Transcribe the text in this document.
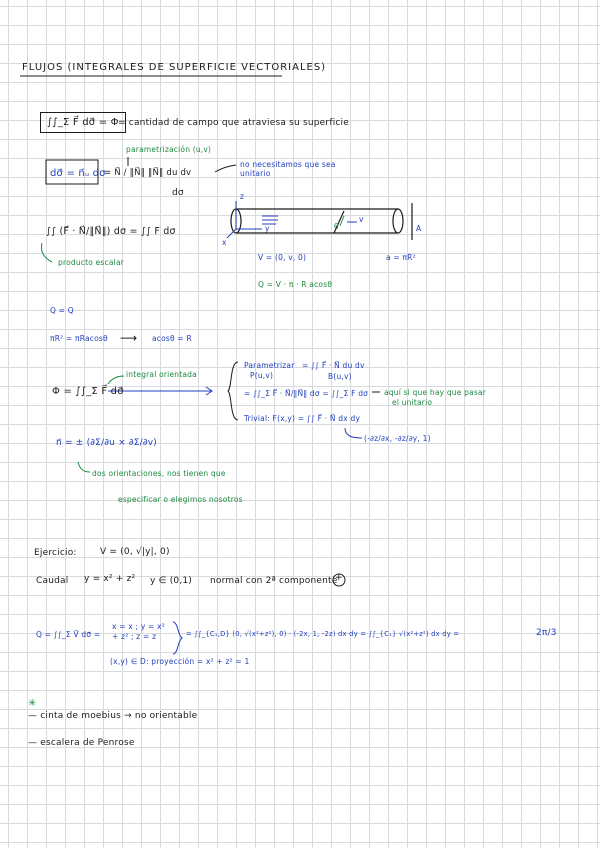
FLUJOS (INTEGRALES DE SUPERFICIE VECTORIALES)
∫∫_Σ F⃗ dσ⃗ = Φ = cantidad de campo que atraviesa su superficie
parametrización (u,v)
dσ⃗ = n⃗ᵤ dσ
= N⃗ / ‖N⃗‖ ‖N⃗‖ du dv
dσ
no necesitamos que sea unitario
∫∫ (F⃗ · N⃗/‖N⃗‖) dσ = ∫∫ F dσ
producto escalar
z
x
y
v
θ	A
V = (0, v, 0)	a = πR²
Q = V · π · R acosθ
Q = Q
πR² = πRacosθ ⟶ acosθ = R
Φ = ∫∫_Σ F⃗ dσ⃗
integral orientada
Parametrizar
P(u,v)
= ∫∫ F⃗ · N⃗ du dv
B(u,v)
= ∫∫_Σ F⃗ · N⃗/‖N⃗‖ dσ = ∫∫_Σ F dσ aquí si que hay que pasar
el unitario
Trivial: F(x,y) = ∫∫ F⃗ · N⃗ dx dy
(-∂z/∂x, -∂z/∂y, 1)
n⃗ = ± (∂Σ/∂u × ∂Σ/∂v)
dos orientaciones, nos tienen que
especificar o elegimos nosotros
Ejercicio:	V = (0, √|y|, 0)
Caudal y = x² + z² y ∈ (0,1) normal con 2ª componente
+
Q = ∫∫_Σ V⃗ dσ⃗ =
x = x ; y = x² + z² ; z = z	= ∫∫_{C₁,D} (0, √(x²+z²), 0) · (-2x, 1, -2z) dx dy = ∫∫_{C₁} √(x²+z²) dx dy =	2π/3
(x,y) ∈ D: proyección = x² + z² = 1
✳
— cinta de moebius → no orientable
— escalera de Penrose
